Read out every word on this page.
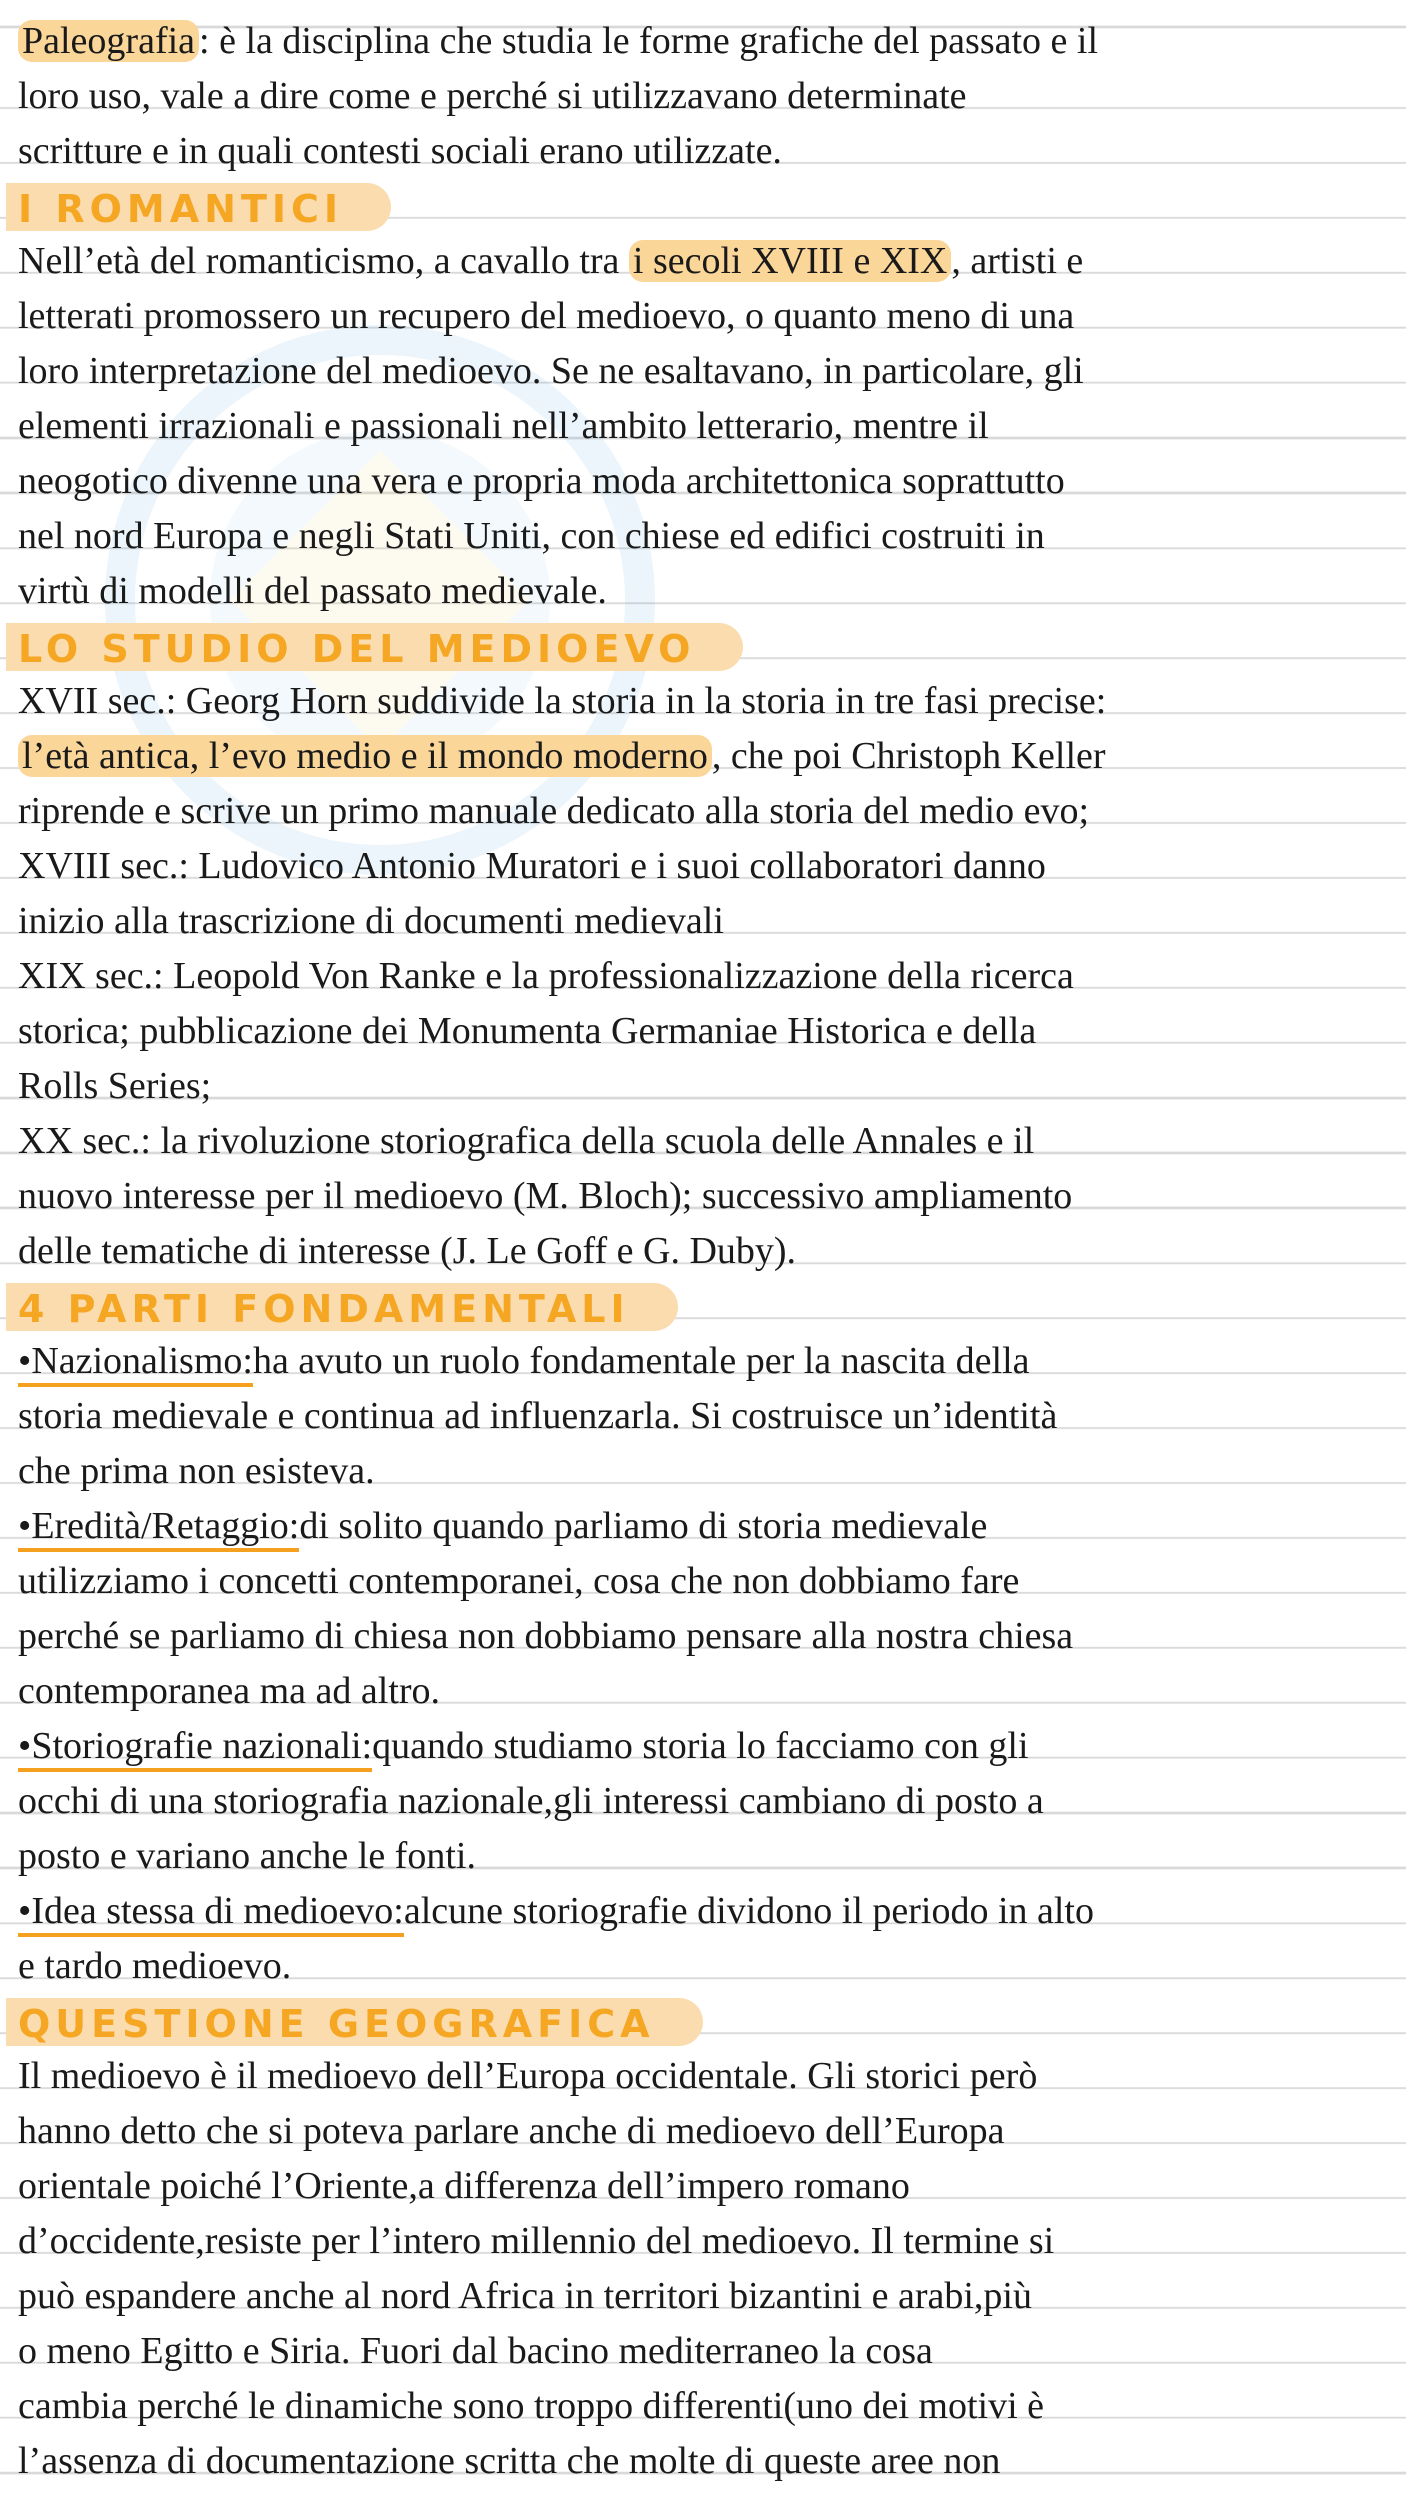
Paleografia : è la disciplina che studia le forme grafiche del passato e il
loro uso, vale a dire come e perché si utilizzavano determinate
scritture e in quali contesti sociali erano utilizzate.
I ROMANTICI
Nell’età del romanticismo, a cavallo tra i secoli XVIII e XIX , artisti e
letterati promossero un recupero del medioevo, o quanto meno di una
loro interpretazione del medioevo. Se ne esaltavano, in particolare, gli
elementi irrazionali e passionali nell’ambito letterario, mentre il
neogotico divenne una vera e propria moda architettonica soprattutto
nel nord Europa e negli Stati Uniti, con chiese ed edifici costruiti in
virtù di modelli del passato medievale.
LO STUDIO DEL MEDIOEVO
XVII sec.: Georg Horn suddivide la storia in la storia in tre fasi precise:
l’età antica, l’evo medio e il mondo moderno , che poi Christoph Keller
riprende e scrive un primo manuale dedicato alla storia del medio evo;
XVIII sec.: Ludovico Antonio Muratori e i suoi collaboratori danno
inizio alla trascrizione di documenti medievali
XIX sec.: Leopold Von Ranke e la professionalizzazione della ricerca
storica; pubblicazione dei Monumenta Germaniae Historica e della
Rolls Series;
XX sec.: la rivoluzione storiografica della scuola delle Annales e il
nuovo interesse per il medioevo (M. Bloch); successivo ampliamento
delle tematiche di interesse (J. Le Goff e G. Duby).
4 PARTI FONDAMENTALI
•Nazionalismo:ha avuto un ruolo fondamentale per la nascita della
storia medievale e continua ad influenzarla. Si costruisce un’identità
che prima non esisteva.
•Eredità/Retaggio:di solito quando parliamo di storia medievale
utilizziamo i concetti contemporanei, cosa che non dobbiamo fare
perché se parliamo di chiesa non dobbiamo pensare alla nostra chiesa
contemporanea ma ad altro.
•Storiografie nazionali:quando studiamo storia lo facciamo con gli
occhi di una storiografia nazionale,gli interessi cambiano di posto a
posto e variano anche le fonti.
•Idea stessa di medioevo:alcune storiografie dividono il periodo in alto
e tardo medioevo.
QUESTIONE GEOGRAFICA
Il medioevo è il medioevo dell’Europa occidentale. Gli storici però
hanno detto che si poteva parlare anche di medioevo dell’Europa
orientale poiché l’Oriente,a differenza dell’impero romano
d’occidente,resiste per l’intero millennio del medioevo. Il termine si
può espandere anche al nord Africa in territori bizantini e arabi,più
o meno Egitto e Siria. Fuori dal bacino mediterraneo la cosa
cambia perché le dinamiche sono troppo differenti(uno dei motivi è
l’assenza di documentazione scritta che molte di queste aree non
